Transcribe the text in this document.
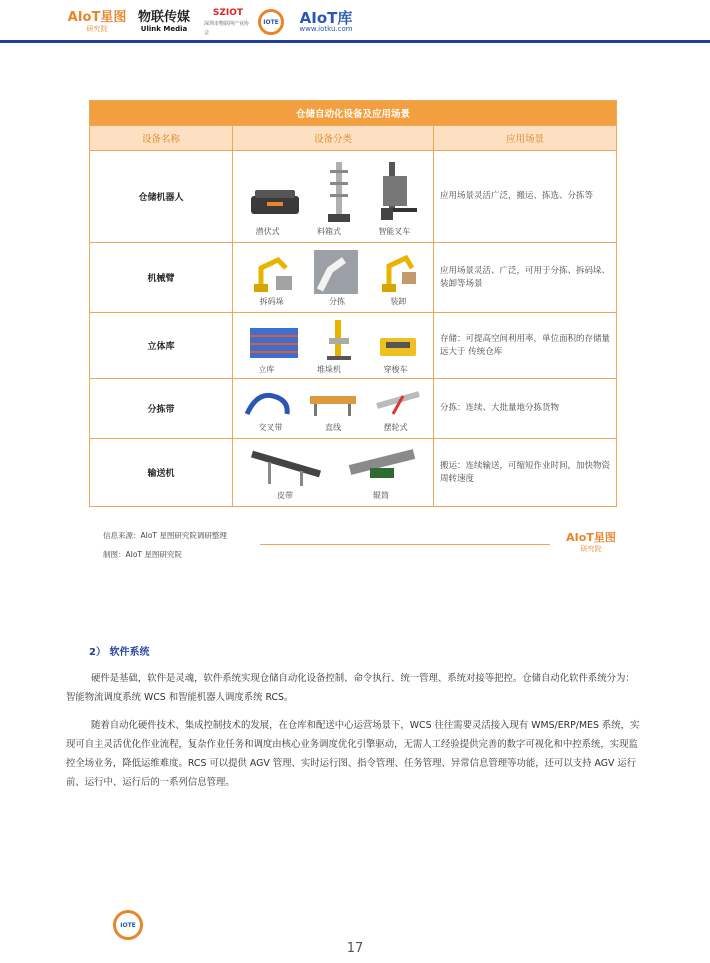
AIoT星图
研究院
物联传媒
Ulink Media
SZIOT
深圳市物联网产业协会
IOTE	AIoT库
www.iotku.com
仓储自动化设备及应用场景		
设备名称	设备分类	应用场景
仓储机器人	潜伏式 料箱式 智能叉车	应用场景灵活广泛，搬运、拣选、分拣等
机械臂	拆码垛 分拣 装卸	应用场景灵活、广泛，可用于分拣、拆码垛、装卸等场景
立体库	立库 堆垛机 穿梭车	存储：可提高空间利用率，单位面积的存储量远大于 传统仓库
分拣带	交叉带 直线 摆轮式	分拣：连续、大批量地分拣货物
输送机	皮带 辊筒	搬运：连续输送，可缩短作业时间，加快物资周转速度
信息来源：AIoT 星图研究院调研整理
制图：AIoT 星图研究院
AIoT星图
研究院
2） 软件系统
硬件是基础，软件是灵魂，软件系统实现仓储自动化设备控制、命令执行、统一管理、系统对接等把控。仓储自动化软件系统分为：智能物流调度系统 WCS 和智能机器人调度系统 RCS。
随着自动化硬件技术、集成控制技术的发展，在仓库和配送中心运营场景下，WCS 往往需要灵活接入现有 WMS/ERP/MES 系统，实现可自主灵活优化作业流程，复杂作业任务和调度由核心业务调度优化引擎驱动，无需人工经验提供完善的数字可视化和中控系统，实现监控全场业务，降低运维难度。RCS 可以提供 AGV 管理、实时运行图、指令管理、任务管理、异常信息管理等功能，还可以支持 AGV 运行前、运行中、运行后的一系列信息管理。
IOTE
17
